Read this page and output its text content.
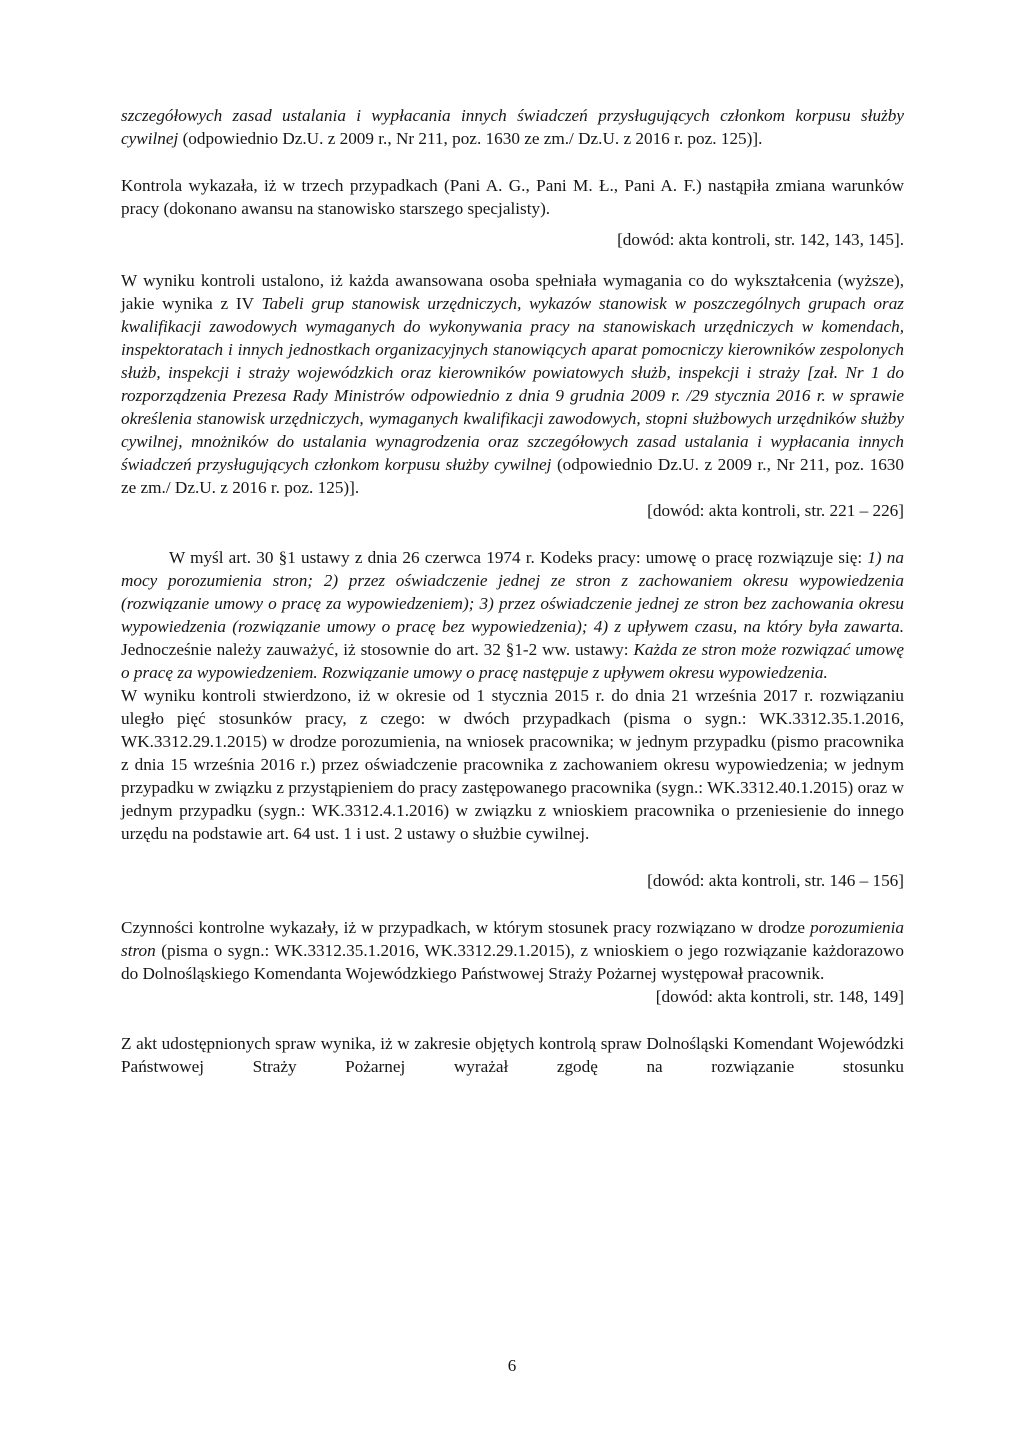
szczegółowych zasad ustalania i wypłacania innych świadczeń przysługujących członkom korpusu służby cywilnej (odpowiednio Dz.U. z 2009 r., Nr 211, poz. 1630 ze zm./ Dz.U. z 2016 r. poz. 125)].

Kontrola wykazała, iż w trzech przypadkach (Pani A. G., Pani M. Ł., Pani A. F.) nastąpiła zmiana warunków pracy (dokonano awansu na stanowisko starszego specjalisty).

[dowód: akta kontroli, str. 142, 143, 145].

W wyniku kontroli ustalono, iż każda awansowana osoba spełniała wymagania co do wykształcenia (wyższe), jakie wynika z IV Tabeli grup stanowisk urzędniczych, wykazów stanowisk w poszczególnych grupach oraz kwalifikacji zawodowych wymaganych do wykonywania pracy na stanowiskach urzędniczych w komendach, inspektoratach i innych jednostkach organizacyjnych stanowiących aparat pomocniczy kierowników zespolonych służb, inspekcji i straży wojewódzkich oraz kierowników powiatowych służb, inspekcji i straży [zał. Nr 1 do rozporządzenia Prezesa Rady Ministrów odpowiednio z dnia 9 grudnia 2009 r. /29 stycznia 2016 r. w sprawie określenia stanowisk urzędniczych, wymaganych kwalifikacji zawodowych, stopni służbowych urzędników służby cywilnej, mnożników do ustalania wynagrodzenia oraz szczegółowych zasad ustalania i wypłacania innych świadczeń przysługujących członkom korpusu służby cywilnej (odpowiednio Dz.U. z 2009 r., Nr 211, poz. 1630 ze zm./ Dz.U. z 2016 r. poz. 125)].

[dowód: akta kontroli, str. 221 – 226]

W myśl art. 30 §1 ustawy z dnia 26 czerwca 1974 r. Kodeks pracy: umowę o pracę rozwiązuje się: 1) na mocy porozumienia stron; 2) przez oświadczenie jednej ze stron z zachowaniem okresu wypowiedzenia (rozwiązanie umowy o pracę za wypowiedzeniem); 3) przez oświadczenie jednej ze stron bez zachowania okresu wypowiedzenia (rozwiązanie umowy o pracę bez wypowiedzenia); 4) z upływem czasu, na który była zawarta. Jednocześnie należy zauważyć, iż stosownie do art. 32 §1-2 ww. ustawy: Każda ze stron może rozwiązać umowę o pracę za wypowiedzeniem. Rozwiązanie umowy o pracę następuje z upływem okresu wypowiedzenia.

W wyniku kontroli stwierdzono, iż w okresie od 1 stycznia 2015 r. do dnia 21 września 2017 r. rozwiązaniu uległo pięć stosunków pracy, z czego: w dwóch przypadkach (pisma o sygn.: WK.3312.35.1.2016, WK.3312.29.1.2015) w drodze porozumienia, na wniosek pracownika; w jednym przypadku (pismo pracownika z dnia 15 września 2016 r.) przez oświadczenie pracownika z zachowaniem okresu wypowiedzenia; w jednym przypadku w związku z przystąpieniem do pracy zastępowanego pracownika (sygn.: WK.3312.40.1.2015) oraz w jednym przypadku (sygn.: WK.3312.4.1.2016) w związku z wnioskiem pracownika o przeniesienie do innego urzędu na podstawie art. 64 ust. 1 i ust. 2 ustawy o służbie cywilnej.

[dowód: akta kontroli, str. 146 – 156]

Czynności kontrolne wykazały, iż w przypadkach, w którym stosunek pracy rozwiązano w drodze porozumienia stron (pisma o sygn.: WK.3312.35.1.2016, WK.3312.29.1.2015), z wnioskiem o jego rozwiązanie każdorazowo do Dolnośląskiego Komendanta Wojewódzkiego Państwowej Straży Pożarnej występował pracownik.

[dowód: akta kontroli, str. 148, 149]

Z akt udostępnionych spraw wynika, iż w zakresie objętych kontrolą spraw Dolnośląski Komendant Wojewódzki Państwowej Straży Pożarnej wyrażał zgodę na rozwiązanie stosunku

6
